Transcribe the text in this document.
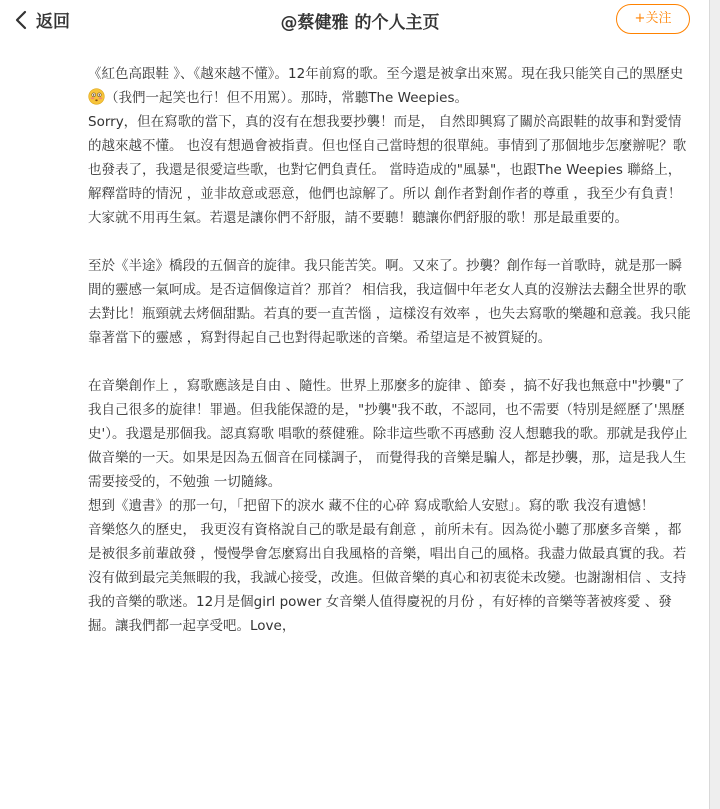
返回	@蔡健雅 的个人主页	+关注

《紅色高跟鞋 》、《越來越不懂》。12年前寫的歌。至今還是被拿出來罵。現在我只能笑自己的黑歷史（我們一起笑也行！但不用罵）。那時，常聽The Weepies。

Sorry，但在寫歌的當下，真的沒有在想我要抄襲！而是， 自然即興寫了關於高跟鞋的故事和對愛情的越來越不懂。 也沒有想過會被指責。但也怪自己當時想的很單純。事情到了那個地步怎麼辦呢？歌也發表了，我還是很愛這些歌，也對它們負責任。 當時造成的"風暴"，也跟The Weepies 聯絡上， 解釋當時的情況 ，並非故意或惡意，他們也諒解了。所以 創作者對創作者的尊重 ，我至少有負責！大家就不用再生氣。若還是讓你們不舒服，請不要聽！聽讓你們舒服的歌！那是最重要的。

至於《半途》橋段的五個音的旋律。我只能苦笑。啊。又來了。抄襲？創作每一首歌時，就是那一瞬間的靈感一氣呵成。是否這個像這首？那首？ 相信我，我這個中年老女人真的沒辦法去翻全世界的歌去對比！瓶頸就去烤個甜點。若真的要一直苦惱 ，這樣沒有效率 ，也失去寫歌的樂趣和意義。我只能靠著當下的靈感 ，寫對得起自己也對得起歌迷的音樂。希望這是不被質疑的。

在音樂創作上 ，寫歌應該是自由 、隨性。世界上那麼多的旋律 、節奏 ，搞不好我也無意中"抄襲"了我自己很多的旋律！罪過。但我能保證的是，"抄襲"我不敢，不認同，也不需要（特別是經歷了'黑歷史'）。我還是那個我。認真寫歌 唱歌的蔡健雅。除非這些歌不再感動 沒人想聽我的歌。那就是我停止做音樂的一天。如果是因為五個音在同樣調子， 而覺得我的音樂是騙人，都是抄襲，那，這是我人生需要接受的，不勉強 一切隨緣。

想到《遺書》的那一句，「把留下的淚水 藏不住的心碎 寫成歌給人安慰」。寫的歌 我沒有遺憾！

音樂悠久的歷史， 我更沒有資格說自己的歌是最有創意 ，前所未有。因為從小聽了那麼多音樂 ，都是被很多前輩啟發 ，慢慢學會怎麼寫出自我風格的音樂，唱出自己的風格。我盡力做最真實的我。若沒有做到最完美無暇的我，我誠心接受，改進。但做音樂的真心和初衷從未改變。也謝謝相信 、支持我的音樂的歌迷。12月是個girl power 女音樂人值得慶祝的月份 ，有好棒的音樂等著被疼愛 、發掘。讓我們都一起享受吧。Love，
